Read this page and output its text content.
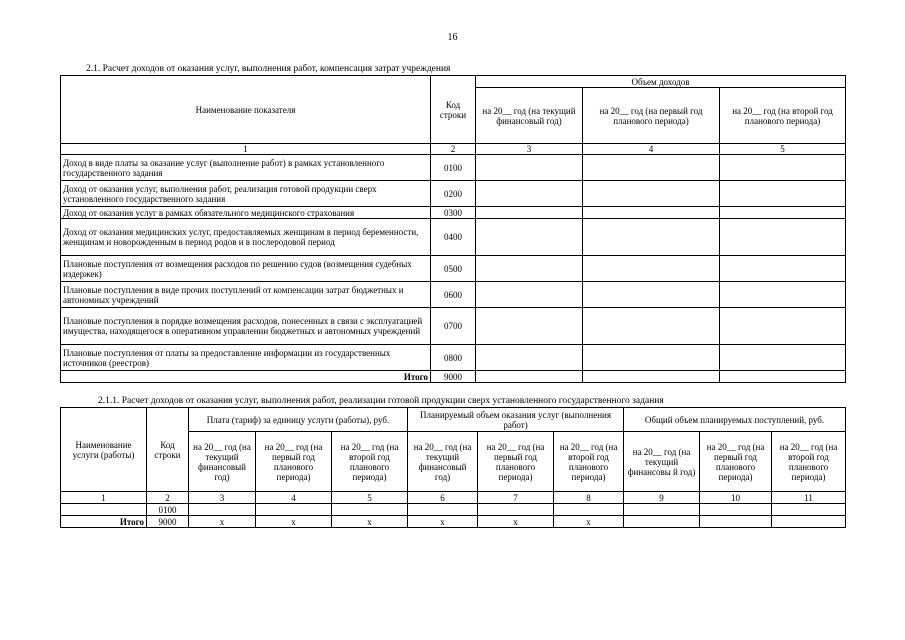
16
2.1. Расчет доходов от оказания услуг, выполнения работ, компенсация затрат учреждения
Наименование показателя	Код строки	Объем доходов		
		на 20__ год (на текущий финансовый год)	на 20__ год (на первый год планового периода)	на 20__ год (на второй год планового периода)
1	2	3	4	5
Доход в виде платы за оказание услуг (выполнение работ) в рамках установленного государственного задания	0100			
Доход от оказания услуг, выполнения работ, реализация готовой продукции сверх установленного государственного задания	0200			
Доход от оказания услуг в рамках обязательного медицинского страхования	0300			
Доход от оказания медицинских услуг, предоставляемых женщинам в период беременности, женщинам и новорожденным в период родов и в послеродовой период	0400			
Плановые поступления от возмещения расходов по решению судов (возмещения судебных издержек)	0500			
Плановые поступления в виде прочих поступлений от компенсации затрат бюджетных и автономных учреждений	0600			
Плановые поступления в порядке возмещения расходов, понесенных в связи с эксплуатацией имущества, находящегося в оперативном управлении бюджетных и автономных учреждений	0700			
Плановые поступления от платы за предоставление информации из государственных источников (реестров)	0800			
Итого	9000			
2.1.1. Расчет доходов от оказания услуг, выполнения работ, реализации готовой продукции сверх установленного государственного задания
Наименование услуги (работы)	Код строки	Плата (тариф) за единицу услуги (работы), руб.			Планируемый объем оказания услуг (выполнения работ)			Общий объем планируемых поступлений, руб.		
		на 20__ год (на текущий финансовый год)	на 20__ год (на первый год планового периода)	на 20__ год (на второй год планового периода)	на 20__ год (на текущий финансовый год)	на 20__ год (на первый год планового периода)	на 20__ год (на второй год планового периода)	на 20__ год (на текущий финансовы й год)	на 20__ год (на первый год планового периода)	на 20__ год (на второй год планового периода)
1	2	3	4	5	6	7	8	9	10	11
	0100									
Итого	9000	x	x	x	x	x	x			
